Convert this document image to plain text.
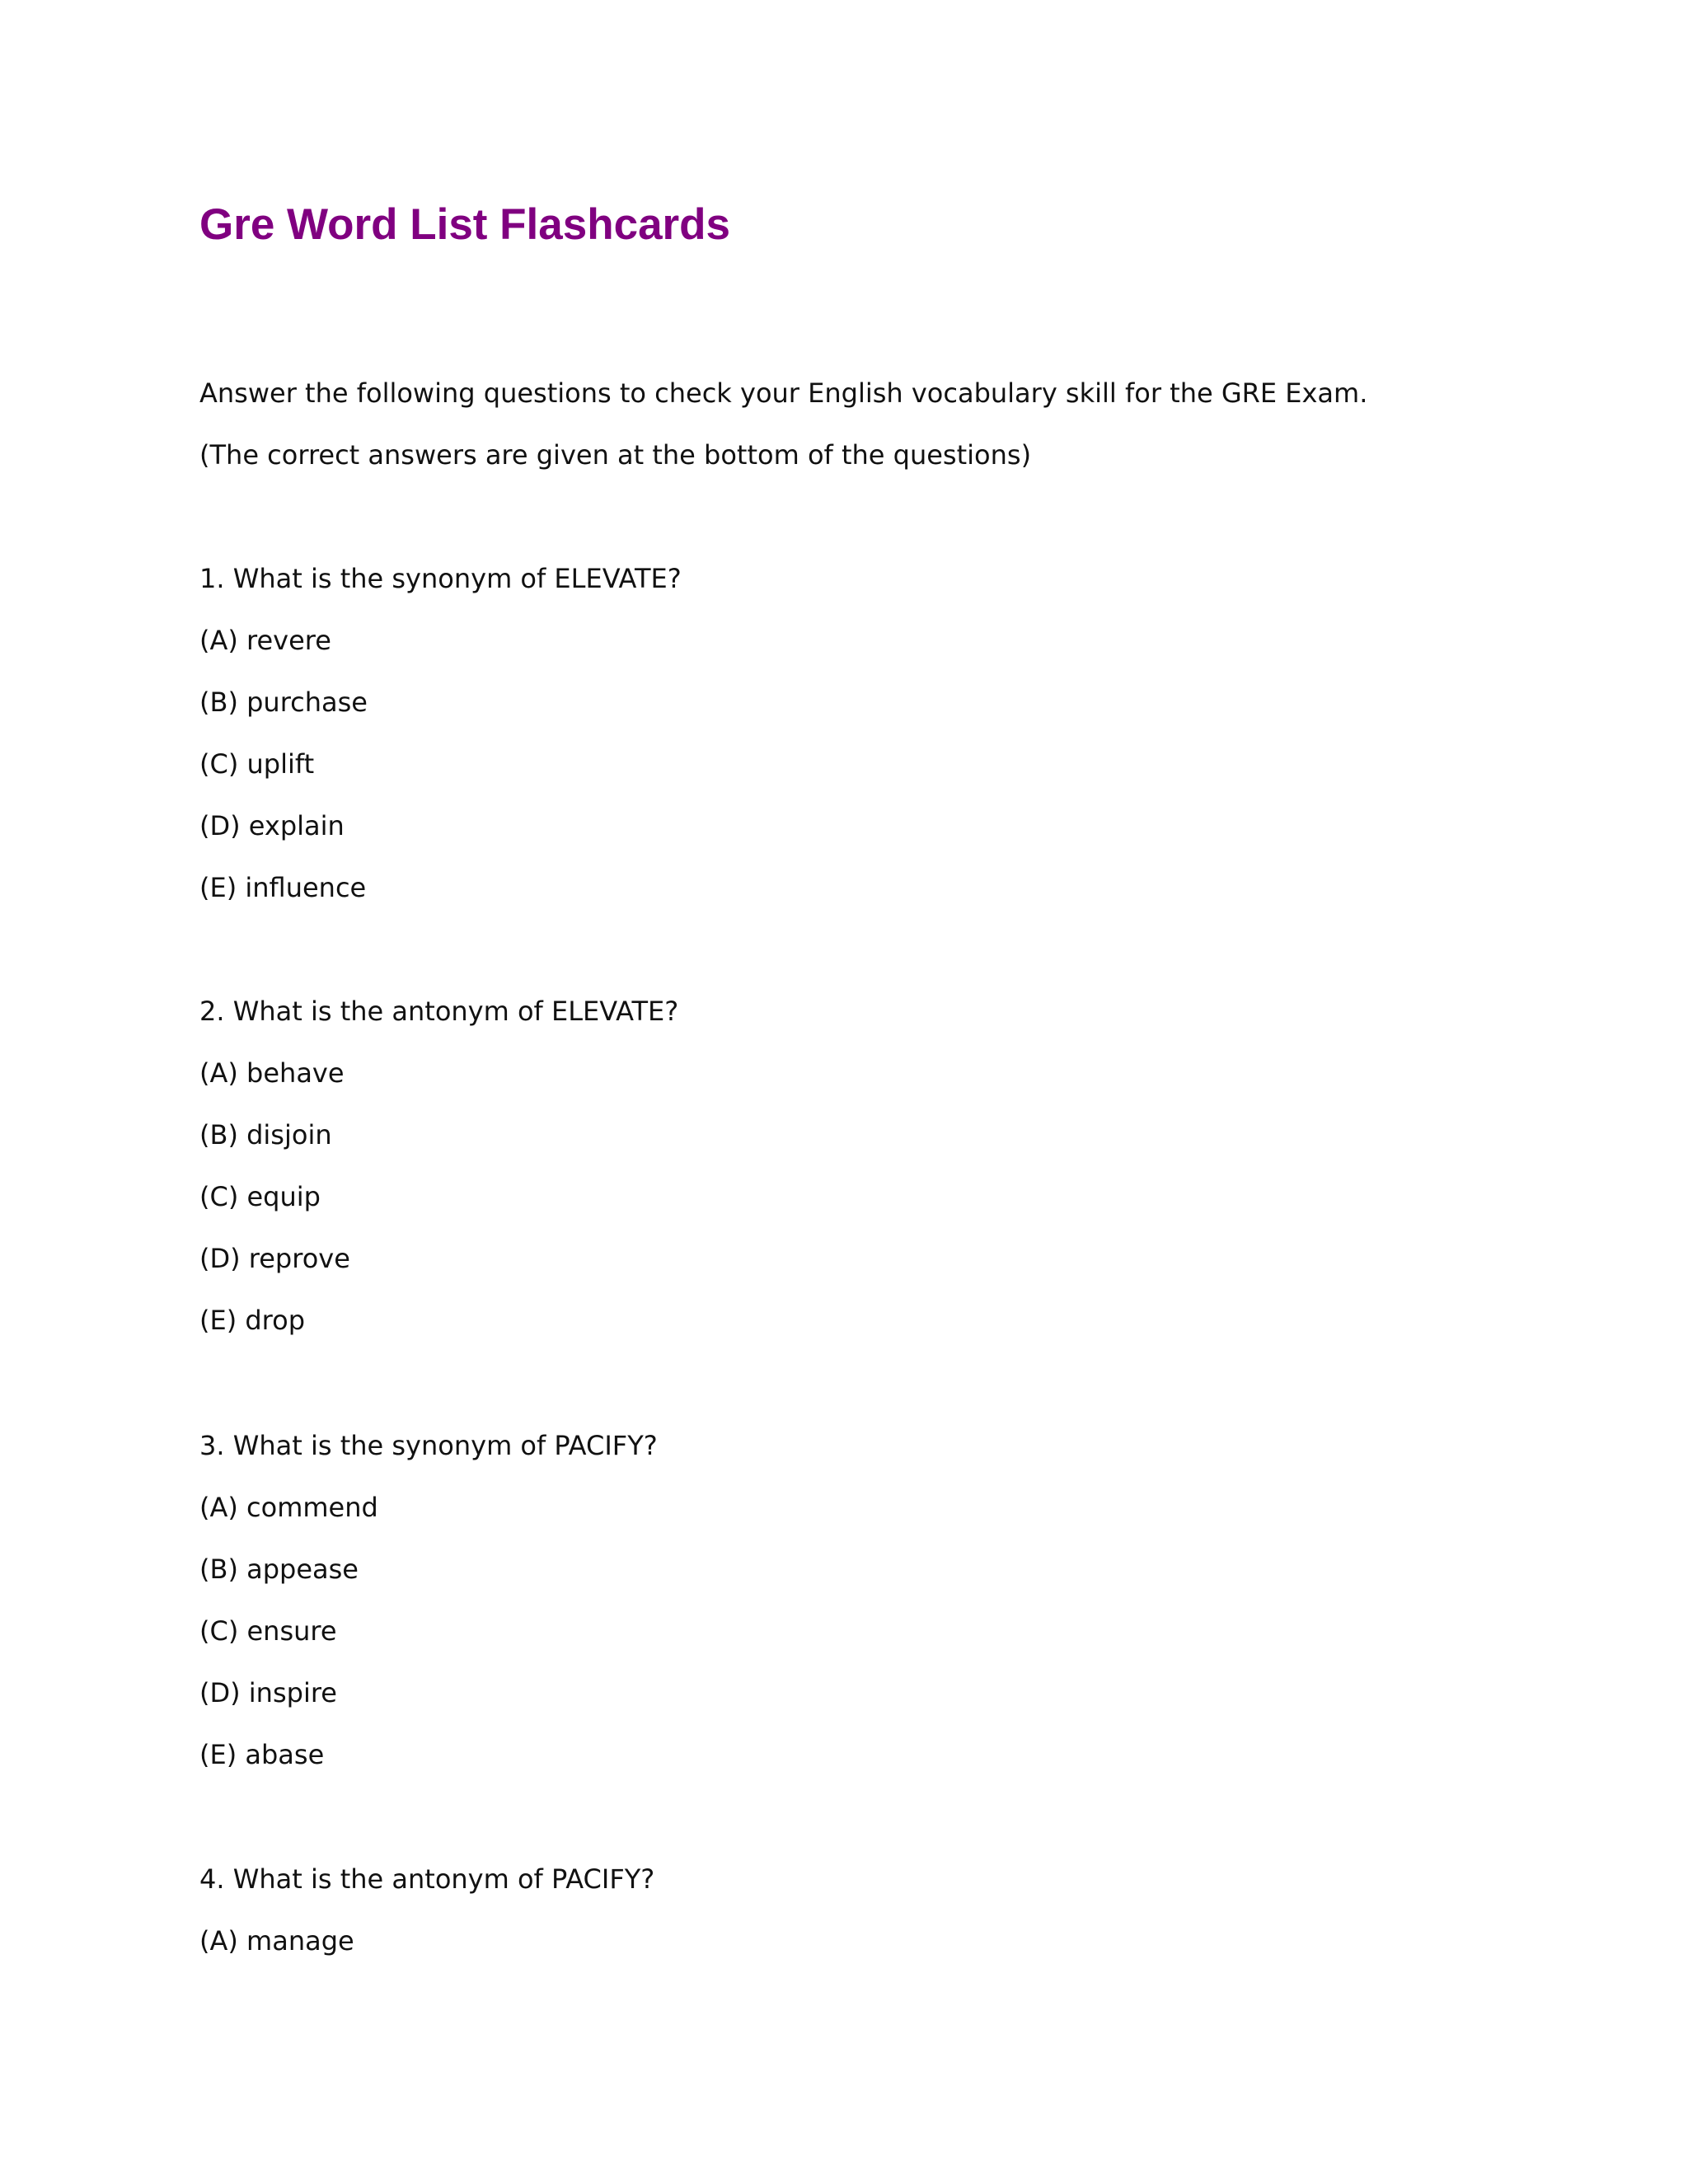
Gre Word List Flashcards

Answer the following questions to check your English vocabulary skill for the GRE Exam.

(The correct answers are given at the bottom of the questions)

1. What is the synonym of ELEVATE?

(A) revere

(B) purchase

(C) uplift

(D) explain

(E) influence

2. What is the antonym of ELEVATE?

(A) behave

(B) disjoin

(C) equip

(D) reprove

(E) drop

3. What is the synonym of PACIFY?

(A) commend

(B) appease

(C) ensure

(D) inspire

(E) abase

4. What is the antonym of PACIFY?

(A) manage
